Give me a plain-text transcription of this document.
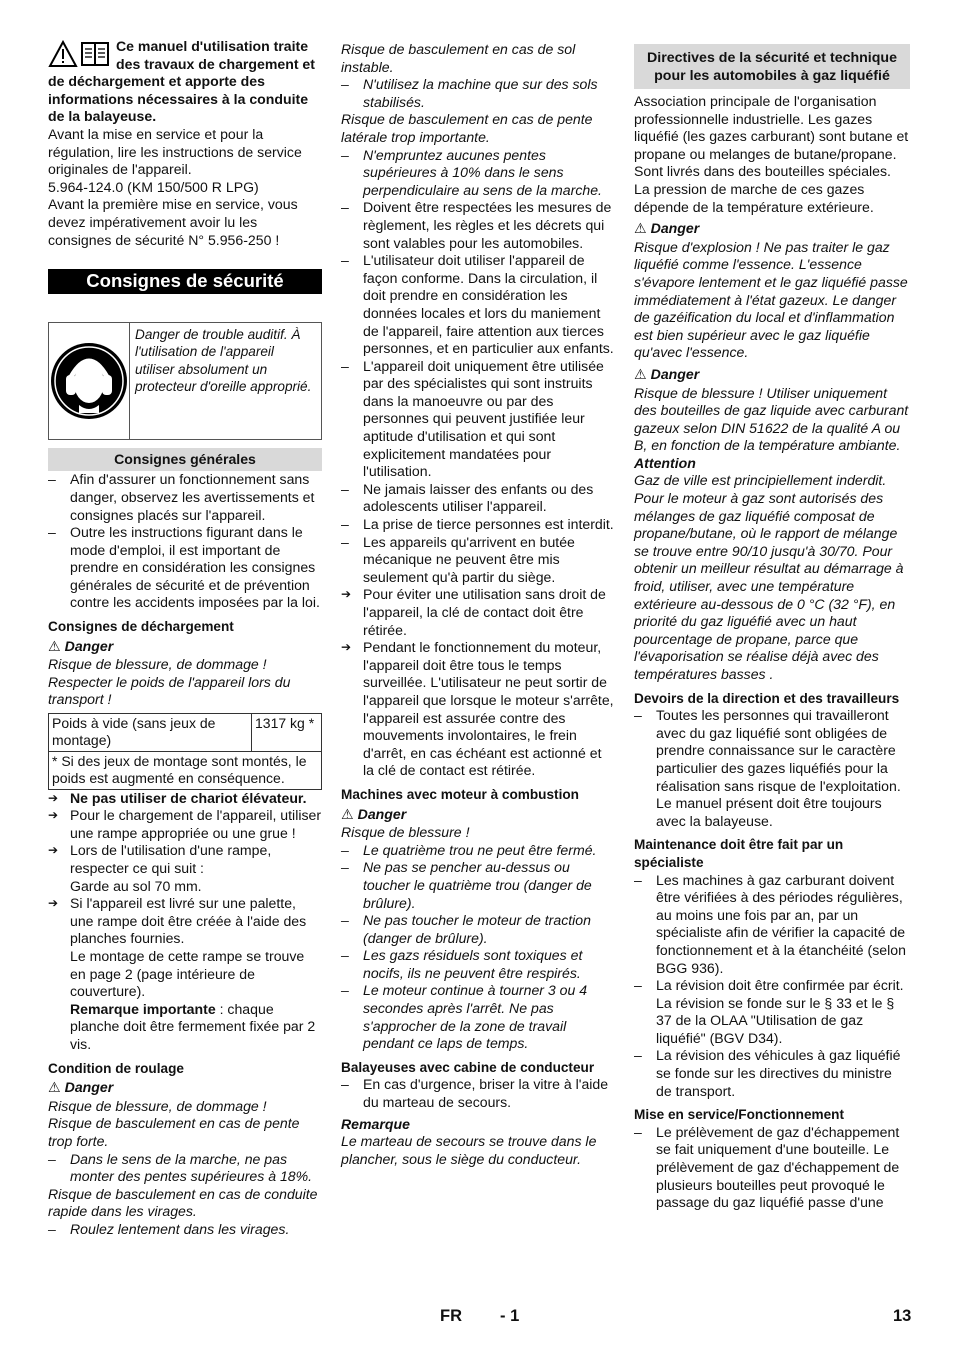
Ce manuel d'utilisation traite des travaux de chargement et de déchargement et apporte des informations nécessaires à la conduite de la balayeuse.

Avant la mise en service et pour la régulation, lire les instructions de service originales de l'appareil.

5.964-124.0 (KM 150/500 R LPG)

Avant la première mise en service, vous devez impérativement avoir lu les consignes de sécurité N° 5.956-250 !

Consignes de sécurité
Danger de trouble auditif. À l'utilisation de l'appareil utiliser absolument un protecteur d'oreille approprié.
Consignes générales
– Afin d'assurer un fonctionnement sans danger, observez les avertissements et consignes placés sur l'appareil.
– Outre les instructions figurant dans le mode d'emploi, il est important de prendre en considération les consignes générales de sécurité et de prévention contre les accidents imposées par la loi.

Consignes de déchargement

⚠ Danger

Risque de blessure, de dommage ! Respecter le poids de l'appareil lors du transport !

Poids à vide (sans jeux de montage)	1317 kg *
* Si des jeux de montage sont montés, le poids est augmenté en conséquence.
➔ Ne pas utiliser de chariot élévateur.
➔ Pour le chargement de l'appareil, utiliser une rampe appropriée ou une grue !
➔ Lors de l'utilisation d'une rampe, respecter ce qui suit :

Garde au sol 70 mm.

➔ Si l'appareil est livré sur une palette, une rampe doit être créée à l'aide des planches fournies.

Le montage de cette rampe se trouve en page 2 (page intérieure de couverture).

Remarque importante : chaque planche doit être fermement fixée par 2 vis.

Condition de roulage

⚠ Danger

Risque de blessure, de dommage !

Risque de basculement en cas de pente trop forte.

– Dans le sens de la marche, ne pas monter des pentes supérieures à 18%.

Risque de basculement en cas de conduite rapide dans les virages.

– Roulez lentement dans les virages.

Risque de basculement en cas de sol instable.

– N'utilisez la machine que sur des sols stabilisés.

Risque de basculement en cas de pente latérale trop importante.

– N'empruntez aucunes pentes supérieures à 10% dans le sens perpendiculaire au sens de la marche.
– Doivent être respectées les mesures de règlement, les règles et les décrets qui sont valables pour les automobiles.
– L'utilisateur doit utiliser l'appareil de façon conforme. Dans la circulation, il doit prendre en considération les données locales et lors du maniement de l'appareil, faire attention aux tierces personnes, et en particulier aux enfants.
– L'appareil doit uniquement être utilisée par des spécialistes qui sont instruits dans la manoeuvre ou par des personnes qui peuvent justifiée leur aptitude d'utilisation et qui sont explicitement mandatées pour l'utilisation.
– Ne jamais laisser des enfants ou des adolescents utiliser l'appareil.
– La prise de tierce personnes est interdit.
– Les appareils qu'arrivent en butée mécanique ne peuvent être mis seulement qu'à partir du siège.
➔ Pour éviter une utilisation sans droit de l'appareil, la clé de contact doit être rétirée.
➔ Pendant le fonctionnement du moteur, l'appareil doit être tous le temps surveillée. L'utilisateur ne peut sortir de l'appareil que lorsque le moteur s'arrête, l'appareil est assurée contre des mouvements involontaires, le frein d'arrêt, en cas échéant est actionné et la clé de contact est rétirée.

Machines avec moteur à combustion

⚠ Danger

Risque de blessure !

– Le quatrième trou ne peut être fermé.
– Ne pas se pencher au-dessus ou toucher le quatrième trou (danger de brûlure).
– Ne pas toucher le moteur de traction (danger de brûlure).
– Les gazs résiduels sont toxiques et nocifs, ils ne peuvent être respirés.
– Le moteur continue à tourner 3 ou 4 secondes après l'arrêt. Ne pas s'approcher de la zone de travail pendant ce laps de temps.

Balayeuses avec cabine de conducteur

– En cas d'urgence, briser la vitre à l'aide du marteau de secours.

Remarque

Le marteau de secours se trouve dans le plancher, sous le siège du conducteur.

Directives de la sécurité et technique pour les automobiles à gaz liquéfié

Association principale de l'organisation professionnelle industrielle. Les gazes liquéfié (les gazes carburant) sont butane et propane ou melanges de butane/propane. Sont livrés dans des bouteilles spéciales. La pression de marche de ces gazes dépende de la température extérieure.

⚠ Danger

Risque d'explosion ! Ne pas traiter le gaz liquéfié comme l'essence. L'essence s'évapore lentement et le gaz liquéfié passe immédiatement à l'état gazeux. Le danger de gazéification du local et d'inflammation est bien supérieur avec le gaz liquéfie qu'avec l'essence.

⚠ Danger

Risque de blessure ! Utiliser uniquement des bouteilles de gaz liquide avec carburant gazeux selon DIN 51622 de la qualité A ou B, en fonction de la température ambiante.

Attention

Gaz de ville est principiellement inderdit. Pour le moteur à gaz sont autorisés des mélanges de gaz liquéfié composat de propane/butane, où le rapport de mélange se trouve entre 90/10 jusqu'à 30/70. Pour obtenir un meilleur résultat au démarrage à froid, utiliser, avec une température extérieure au-dessous de 0 °C (32 °F), en priorité du gaz liguéfié avec un haut pourcentage de propane, parce que l'évaporisation se réalise déjà avec des températures basses .

Devoirs de la direction et des travailleurs

– Toutes les personnes qui travailleront avec du gaz liquéfié sont obligées de prendre connaissance sur le caractère particulier des gazes liquéfiés pour la réalisation sans risque de l'exploitation. Le manuel présent doit être toujours avec la balayeuse.

Maintenance doit être fait par un spécialiste

– Les machines à gaz carburant doivent être vérifiées à des périodes régulières, au moins une fois par an, par un spécialiste afin de vérifier la capacité de fonctionnement et à la étanchéité (selon BGG 936).
– La révision doit être confirmée par écrit. La révision se fonde sur le § 33 et le § 37 de la OLAA "Utilisation de gaz liquéfié" (BGV D34).
– La révision des véhicules à gaz liquéfié se fonde sur les directives du ministre de transport.

Mise en service/Fonctionnement

– Le prélèvement de gaz d'échappement se fait uniquement d'une bouteille. Le prélèvement de gaz d'échappement de plusieurs bouteilles peut provoqué le passage du gaz liquéfié passe d'une
FR - 1	13
